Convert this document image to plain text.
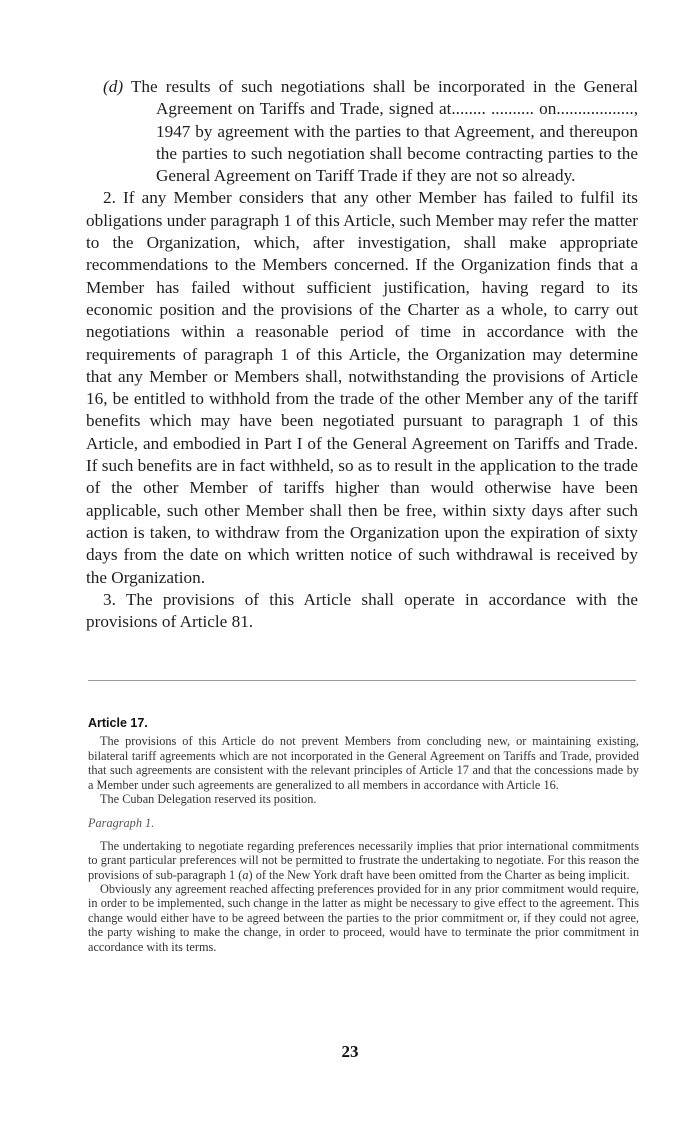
(d) The results of such negotiations shall be incorporated in the General Agreement on Tariffs and Trade, signed at........ .......... on.................., 1947 by agreement with the parties to that Agreement, and thereupon the parties to such negotiation shall become contracting parties to the General Agreement on Tariff Trade if they are not so already.

2. If any Member considers that any other Member has failed to fulfil its obligations under paragraph 1 of this Article, such Member may refer the matter to the Organization, which, after investigation, shall make appropriate recommendations to the Members concerned. If the Organization finds that a Member has failed without sufficient justification, having regard to its economic position and the provisions of the Charter as a whole, to carry out negotiations within a reasonable period of time in accordance with the requirements of paragraph 1 of this Article, the Organization may determine that any Member or Members shall, notwithstanding the provisions of Article 16, be entitled to withhold from the trade of the other Member any of the tariff benefits which may have been negotiated pursuant to paragraph 1 of this Article, and embodied in Part I of the General Agreement on Tariffs and Trade. If such benefits are in fact withheld, so as to result in the application to the trade of the other Member of tariffs higher than would otherwise have been applicable, such other Member shall then be free, within sixty days after such action is taken, to withdraw from the Organization upon the expiration of sixty days from the date on which written notice of such withdrawal is received by the Organization.

3. The provisions of this Article shall operate in accordance with the provisions of Article 81.

Article 17.

The provisions of this Article do not prevent Members from concluding new, or maintaining existing, bilateral tariff agreements which are not incorporated in the General Agreement on Tariffs and Trade, provided that such agreements are consistent with the relevant principles of Article 17 and that the concessions made by a Member under such agreements are generalized to all members in accordance with Article 16.

The Cuban Delegation reserved its position.

Paragraph 1.

The undertaking to negotiate regarding preferences necessarily implies that prior international commitments to grant particular preferences will not be permitted to frustrate the undertaking to negotiate. For this reason the provisions of sub-paragraph 1 (a) of the New York draft have been omitted from the Charter as being implicit.

Obviously any agreement reached affecting preferences provided for in any prior commitment would require, in order to be implemented, such change in the latter as might be necessary to give effect to the agreement. This change would either have to be agreed between the parties to the prior commitment or, if they could not agree, the party wishing to make the change, in order to proceed, would have to terminate the prior commitment in accordance with its terms.

23
